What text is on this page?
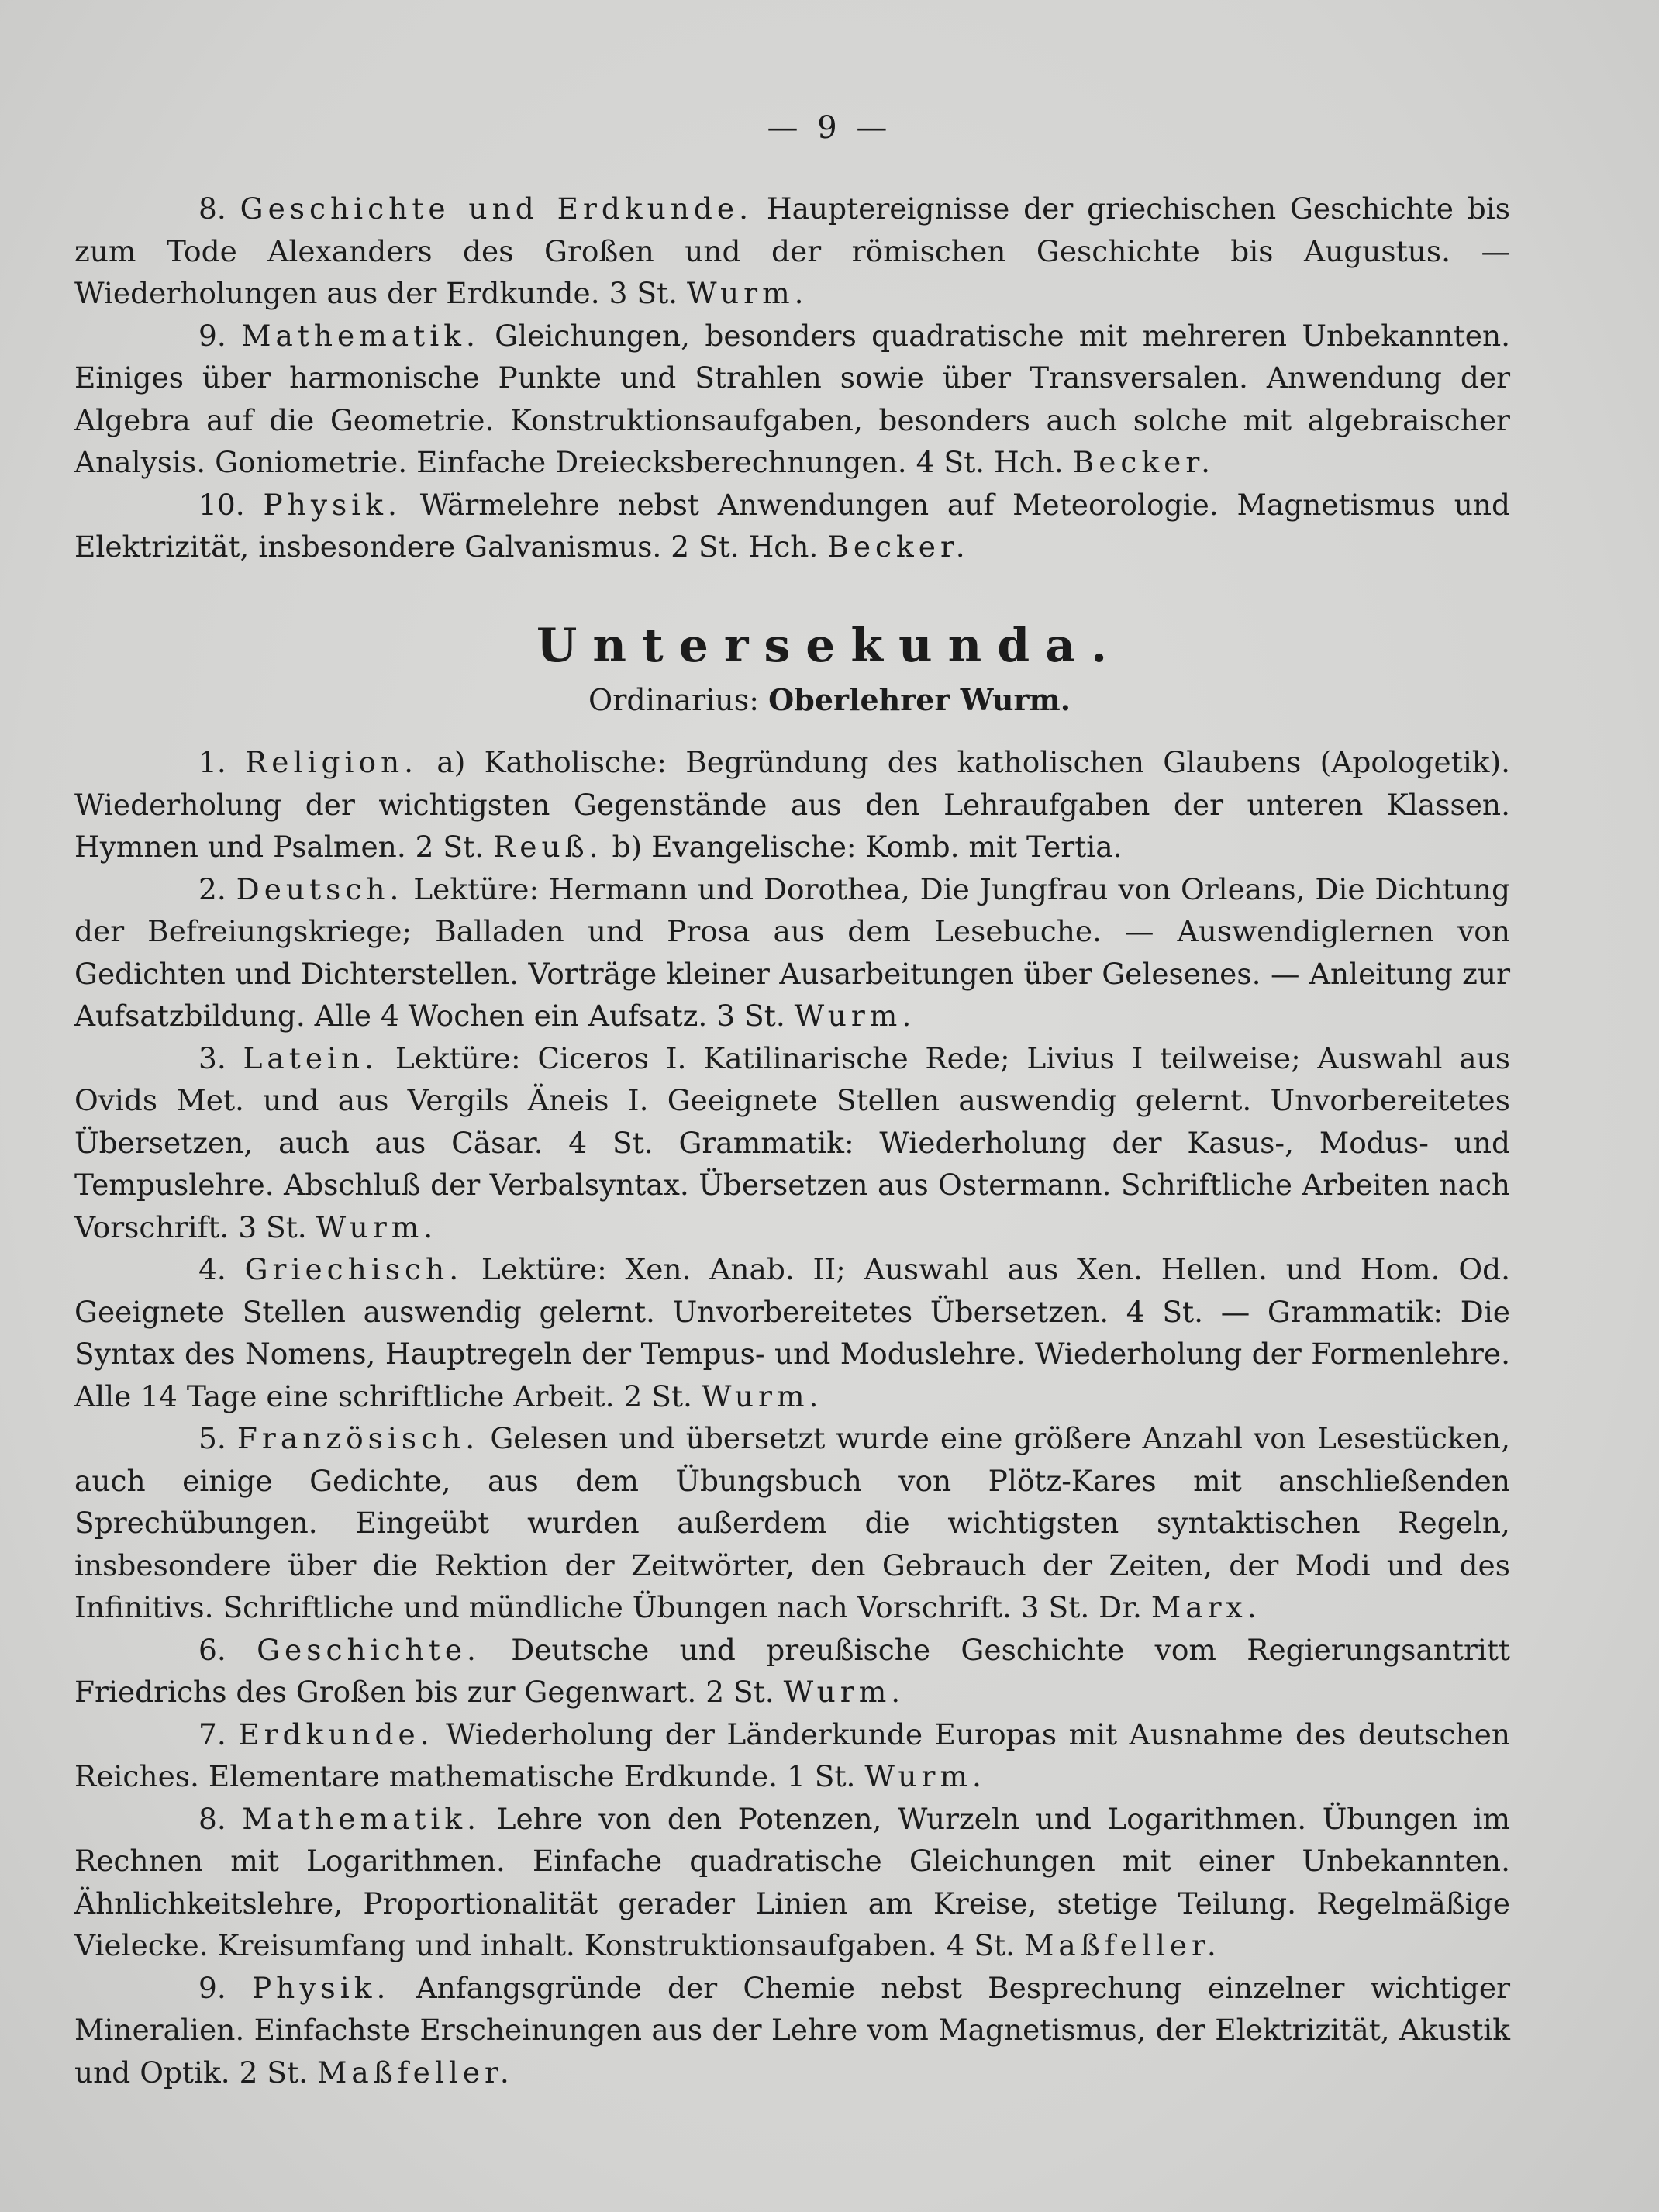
— 9 —

8. Geschichte und Erdkunde. Hauptereignisse der griechischen Geschichte bis zum Tode Alexanders des Großen und der römischen Geschichte bis Augustus. — Wiederholungen aus der Erdkunde. 3 St. Wurm.

9. Mathematik. Gleichungen, besonders quadratische mit mehreren Unbekannten. Einiges über harmonische Punkte und Strahlen sowie über Transversalen. Anwendung der Algebra auf die Geometrie. Konstruktionsaufgaben, besonders auch solche mit algebraischer Analysis. Goniometrie. Einfache Dreiecksberechnungen. 4 St. Hch. Becker.

10. Physik. Wärmelehre nebst Anwendungen auf Meteorologie. Magnetismus und Elektrizität, insbesondere Galvanismus. 2 St. Hch. Becker.

Untersekunda.
Ordinarius: Oberlehrer Wurm.

1. Religion. a) Katholische: Begründung des katholischen Glaubens (Apologetik). Wiederholung der wichtigsten Gegenstände aus den Lehraufgaben der unteren Klassen. Hymnen und Psalmen. 2 St. Reuß. b) Evangelische: Komb. mit Tertia.

2. Deutsch. Lektüre: Hermann und Dorothea, Die Jungfrau von Orleans, Die Dichtung der Befreiungskriege; Balladen und Prosa aus dem Lesebuche. — Auswendiglernen von Gedichten und Dichterstellen. Vorträge kleiner Ausarbeitungen über Gelesenes. — Anleitung zur Aufsatzbildung. Alle 4 Wochen ein Aufsatz. 3 St. Wurm.

3. Latein. Lektüre: Ciceros I. Katilinarische Rede; Livius I teilweise; Auswahl aus Ovids Met. und aus Vergils Äneis I. Geeignete Stellen auswendig gelernt. Unvorbereitetes Übersetzen, auch aus Cäsar. 4 St. Grammatik: Wiederholung der Kasus-, Modus- und Tempuslehre. Abschluß der Verbalsyntax. Übersetzen aus Ostermann. Schriftliche Arbeiten nach Vorschrift. 3 St. Wurm.

4. Griechisch. Lektüre: Xen. Anab. II; Auswahl aus Xen. Hellen. und Hom. Od. Geeignete Stellen auswendig gelernt. Unvorbereitetes Übersetzen. 4 St. — Grammatik: Die Syntax des Nomens, Hauptregeln der Tempus- und Moduslehre. Wiederholung der Formenlehre. Alle 14 Tage eine schriftliche Arbeit. 2 St. Wurm.

5. Französisch. Gelesen und übersetzt wurde eine größere Anzahl von Lesestücken, auch einige Gedichte, aus dem Übungsbuch von Plötz-Kares mit anschließenden Sprechübungen. Eingeübt wurden außerdem die wichtigsten syntaktischen Regeln, insbesondere über die Rektion der Zeitwörter, den Gebrauch der Zeiten, der Modi und des Infinitivs. Schriftliche und mündliche Übungen nach Vorschrift. 3 St. Dr. Marx.

6. Geschichte. Deutsche und preußische Geschichte vom Regierungsantritt Friedrichs des Großen bis zur Gegenwart. 2 St. Wurm.

7. Erdkunde. Wiederholung der Länderkunde Europas mit Ausnahme des deutschen Reiches. Elementare mathematische Erdkunde. 1 St. Wurm.

8. Mathematik. Lehre von den Potenzen, Wurzeln und Logarithmen. Übungen im Rechnen mit Logarithmen. Einfache quadratische Gleichungen mit einer Unbekannten. Ähnlichkeitslehre, Proportionalität gerader Linien am Kreise, stetige Teilung. Regelmäßige Vielecke. Kreisumfang und inhalt. Konstruktionsaufgaben. 4 St. Maßfeller.

9. Physik. Anfangsgründe der Chemie nebst Besprechung einzelner wichtiger Mineralien. Einfachste Erscheinungen aus der Lehre vom Magnetismus, der Elektrizität, Akustik und Optik. 2 St. Maßfeller.
